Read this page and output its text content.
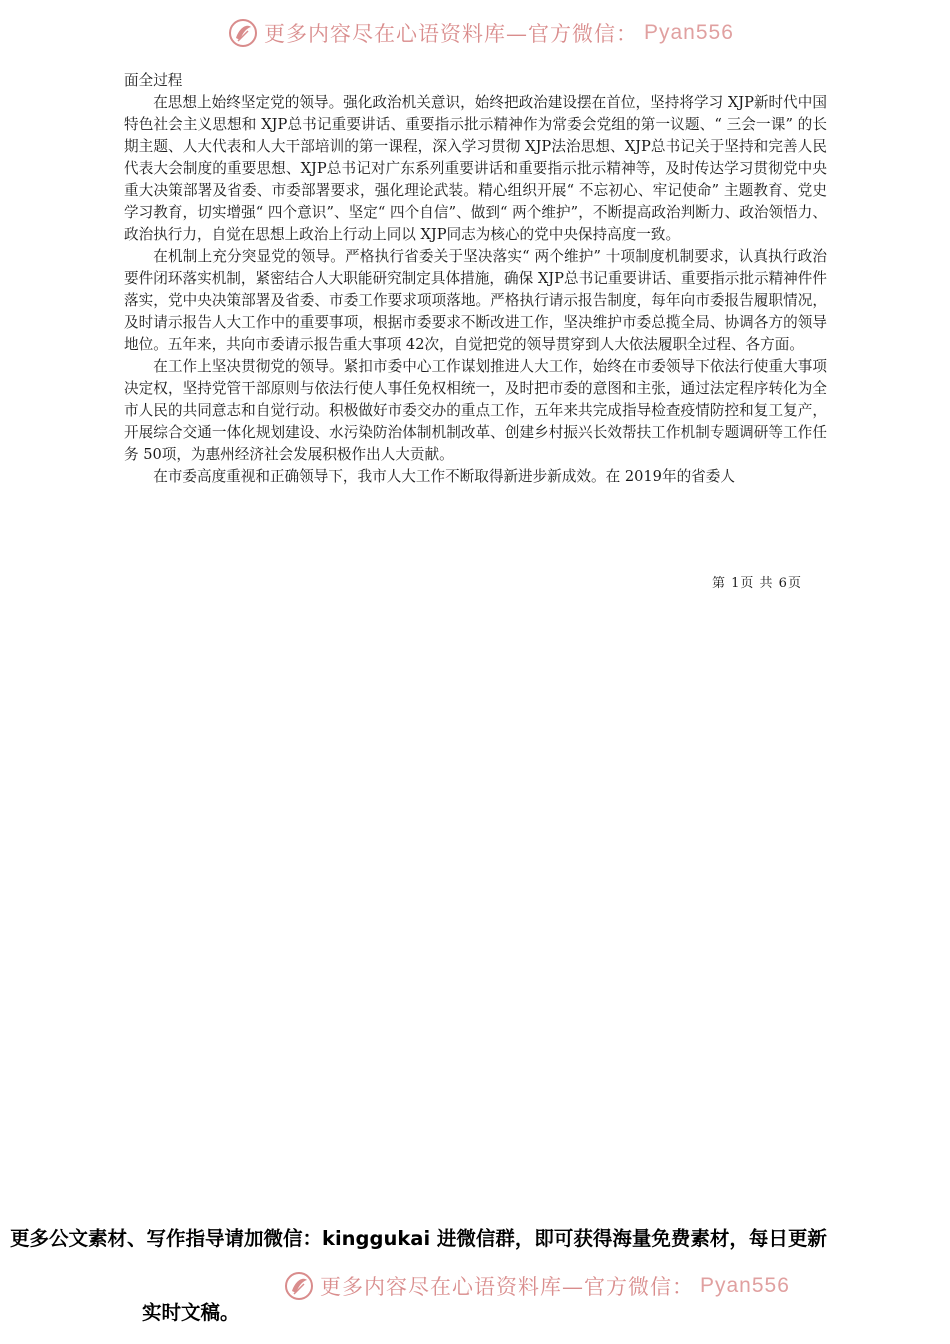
更多内容尽在心语资料库—官方微信： Pyan556

面全过程

在思想上始终坚定党的领导。强化政治机关意识，始终把政治建设摆在首位，坚持将学习 XJP新时代中国特色社会主义思想和 XJP总书记重要讲话、重要指示批示精神作为常委会党组的第一议题、“ 三会一课” 的长期主题、人大代表和人大干部培训的第一课程，深入学习贯彻 XJP法治思想、XJP总书记关于坚持和完善人民代表大会制度的重要思想、XJP总书记对广东系列重要讲话和重要指示批示精神等，及时传达学习贯彻党中央重大决策部署及省委、市委部署要求，强化理论武装。精心组织开展“ 不忘初心、牢记使命” 主题教育、党史学习教育，切实增强“ 四个意识”、坚定“ 四个自信”、做到“ 两个维护”，不断提高政治判断力、政治领悟力、政治执行力，自觉在思想上政治上行动上同以 XJP同志为核心的党中央保持高度一致。

在机制上充分突显党的领导。严格执行省委关于坚决落实“ 两个维护” 十项制度机制要求，认真执行政治要件闭环落实机制，紧密结合人大职能研究制定具体措施，确保 XJP总书记重要讲话、重要指示批示精神件件落实，党中央决策部署及省委、市委工作要求项项落地。严格执行请示报告制度，每年向市委报告履职情况，及时请示报告人大工作中的重要事项，根据市委要求不断改进工作，坚决维护市委总揽全局、协调各方的领导地位。五年来，共向市委请示报告重大事项 42次，自觉把党的领导贯穿到人大依法履职全过程、各方面。

在工作上坚决贯彻党的领导。紧扣市委中心工作谋划推进人大工作，始终在市委领导下依法行使重大事项决定权，坚持党管干部原则与依法行使人事任免权相统一，及时把市委的意图和主张，通过法定程序转化为全市人民的共同意志和自觉行动。积极做好市委交办的重点工作，五年来共完成指导检查疫情防控和复工复产，开展综合交通一体化规划建设、水污染防治体制机制改革、创建乡村振兴长效帮扶工作机制专题调研等工作任务 50项，为惠州经济社会发展积极作出人大贡献。

在市委高度重视和正确领导下，我市人大工作不断取得新进步新成效。在 2019年的省委人

第 1页 共 6页
更多公文素材、写作指导请加微信：kinggukai 进微信群，即可获得海量免费素材，每日更新
更多内容尽在心语资料库—官方微信： Pyan556
实时文稿。
